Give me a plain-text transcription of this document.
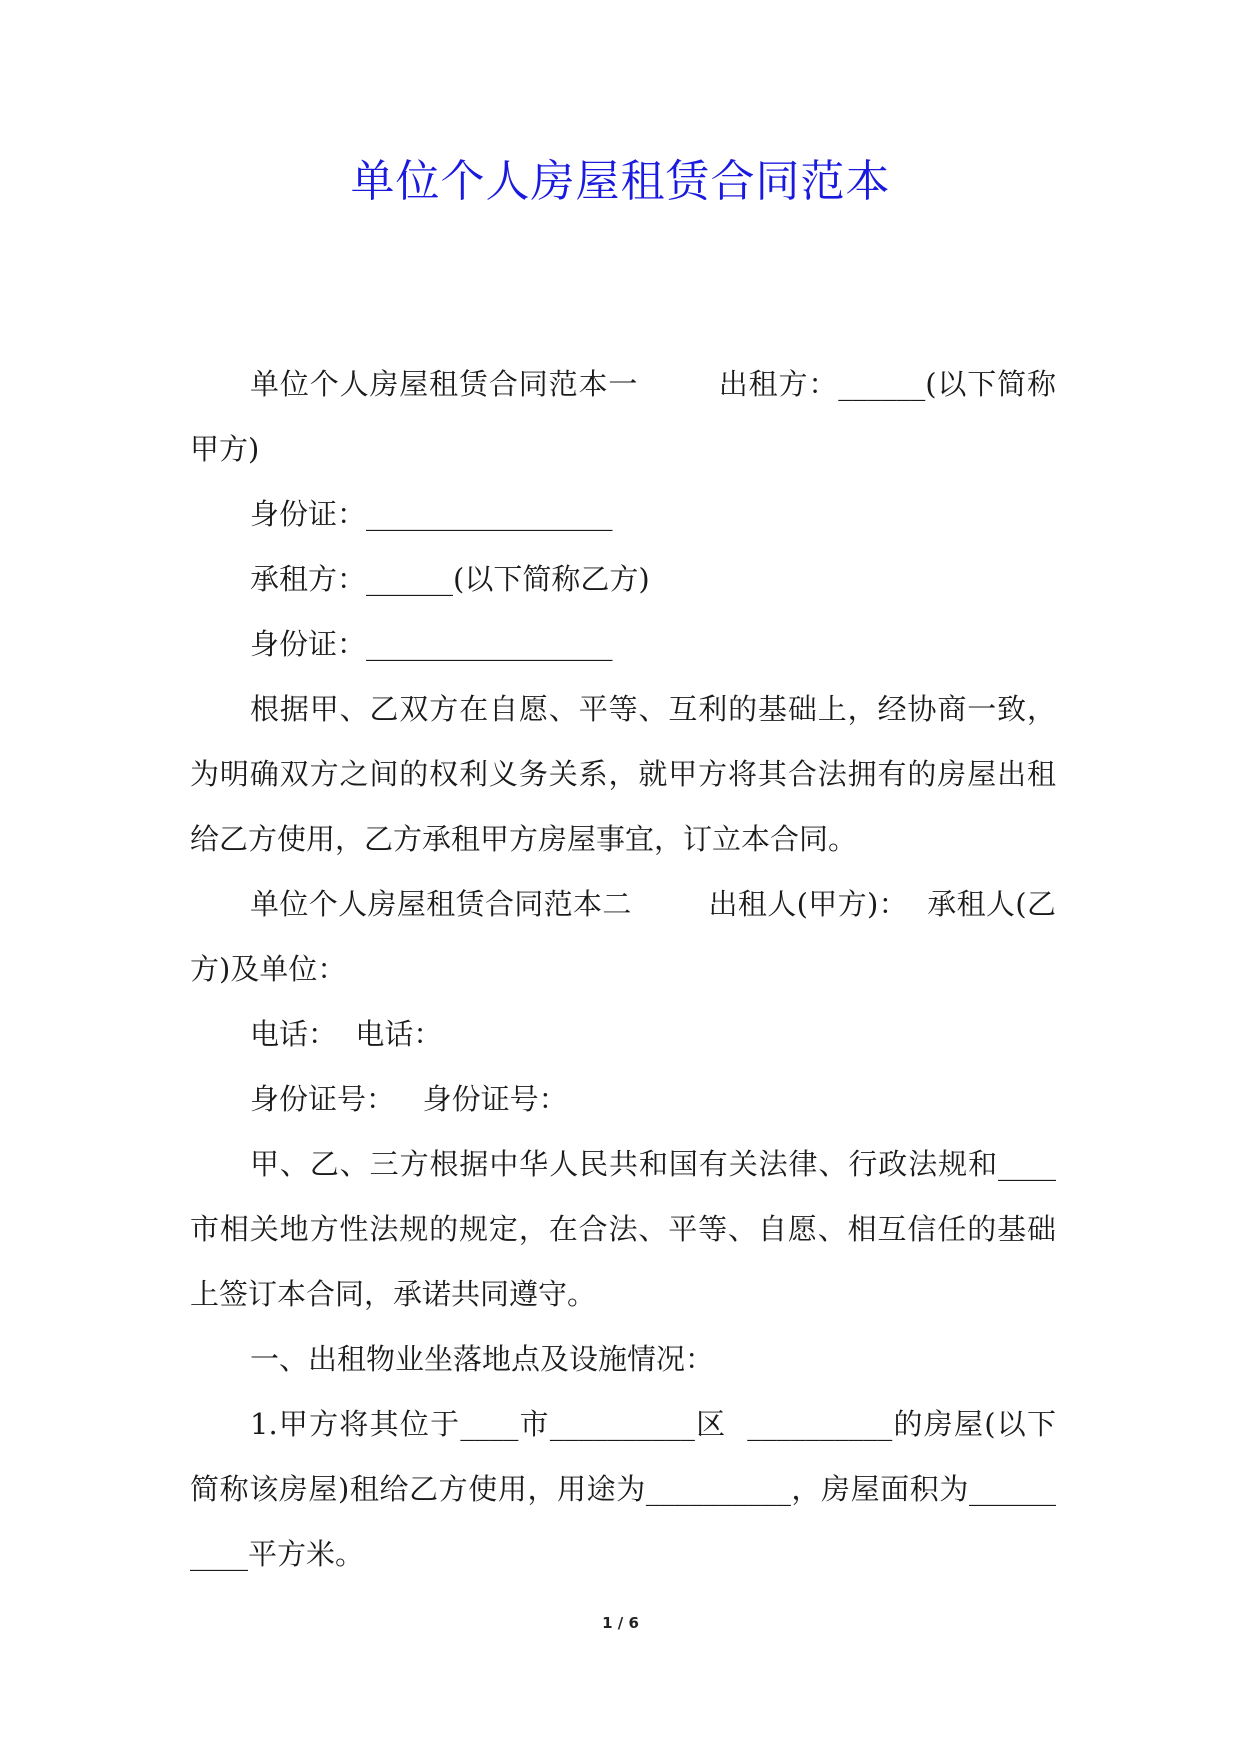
单位个人房屋租赁合同范本

单位个人房屋租赁合同范本一        出租方：______(以下简称甲方)

身份证：_________________

承租方：______(以下简称乙方)

身份证：_________________

根据甲、乙双方在自愿、平等、互利的基础上，经协商一致，为明确双方之间的权利义务关系，就甲方将其合法拥有的房屋出租给乙方使用，乙方承租甲方房屋事宜，订立本合同。

单位个人房屋租赁合同范本二        出租人(甲方)：  承租人(乙方)及单位：

电话：  电话：

身份证号：   身份证号：

甲、乙、三方根据中华人民共和国有关法律、行政法规和____市相关地方性法规的规定，在合法、平等、自愿、相互信任的基础上签订本合同，承诺共同遵守。

一、出租物业坐落地点及设施情况：

1.甲方将其位于____市__________区  __________的房屋(以下简称该房屋)租给乙方使用，用途为__________，房屋面积为__________平方米。

1 / 6
